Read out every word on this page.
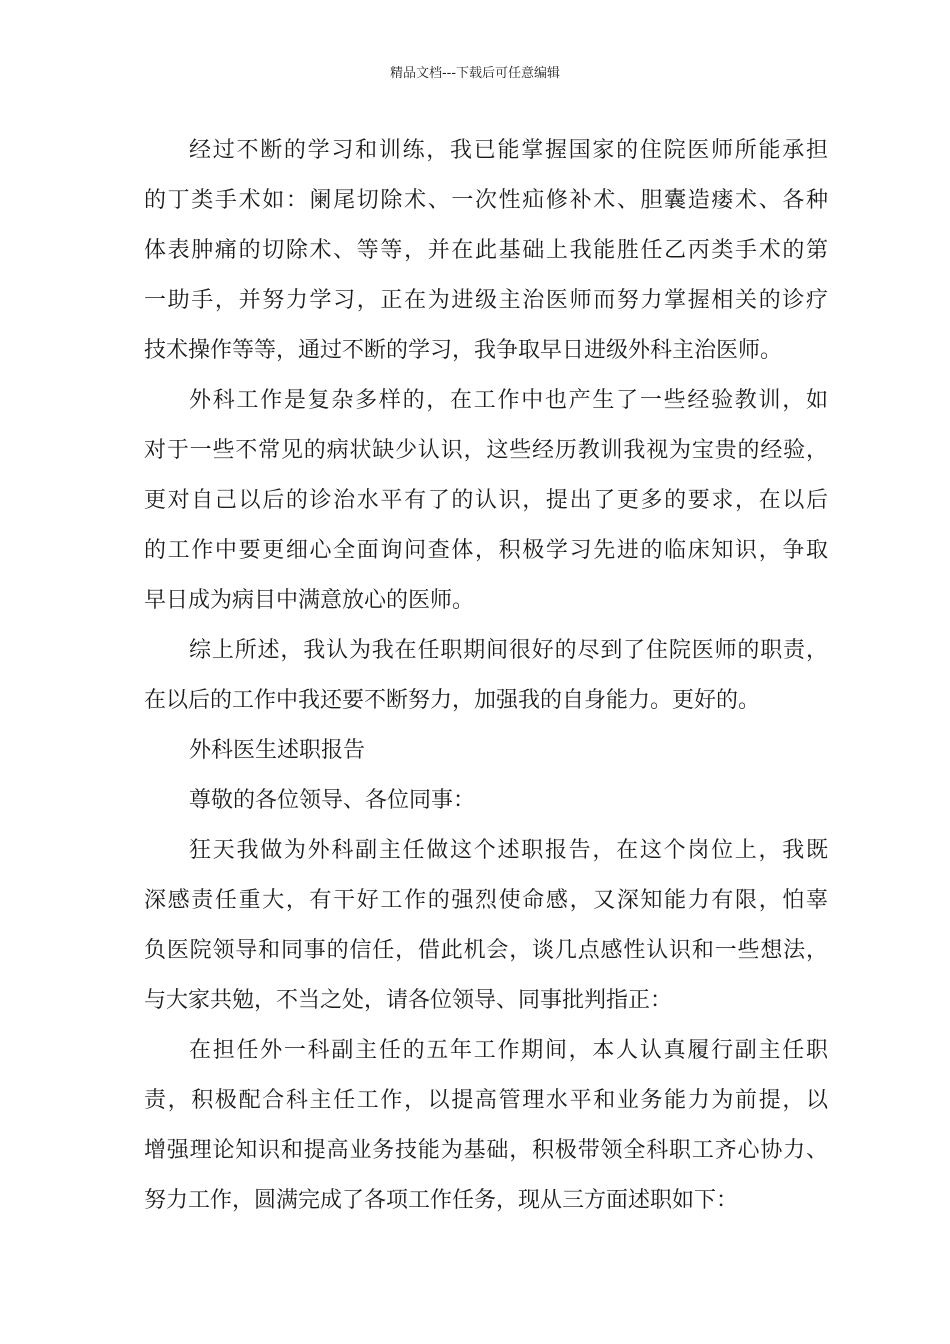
精品文档---下载后可任意编辑
经过不断的学习和训练，我已能掌握国家的住院医师所能承担
的丁类手术如：阑尾切除术、一次性疝修补术、胆囊造瘘术、各种
体表肿痛的切除术、等等，并在此基础上我能胜任乙丙类手术的第
一助手，并努力学习，正在为进级主治医师而努力掌握相关的诊疗
技术操作等等，通过不断的学习，我争取早日进级外科主治医师。
外科工作是复杂多样的，在工作中也产生了一些经验教训，如
对于一些不常见的病状缺少认识，这些经历教训我视为宝贵的经验，
更对自己以后的诊治水平有了的认识，提出了更多的要求，在以后
的工作中要更细心全面询问查体，积极学习先进的临床知识，争取
早日成为病目中满意放心的医师。
综上所述，我认为我在任职期间很好的尽到了住院医师的职责，
在以后的工作中我还要不断努力，加强我的自身能力。更好的。
外科医生述职报告
尊敬的各位领导、各位同事：
狂天我做为外科副主任做这个述职报告，在这个岗位上，我既
深感责任重大，有干好工作的强烈使命感，又深知能力有限，怕辜
负医院领导和同事的信任，借此机会，谈几点感性认识和一些想法，
与大家共勉，不当之处，请各位领导、同事批判指正：
在担任外一科副主任的五年工作期间，本人认真履行副主任职
责，积极配合科主任工作，以提高管理水平和业务能力为前提，以
增强理论知识和提高业务技能为基础，积极带领全科职工齐心协力、
努力工作，圆满完成了各项工作任务，现从三方面述职如下：
